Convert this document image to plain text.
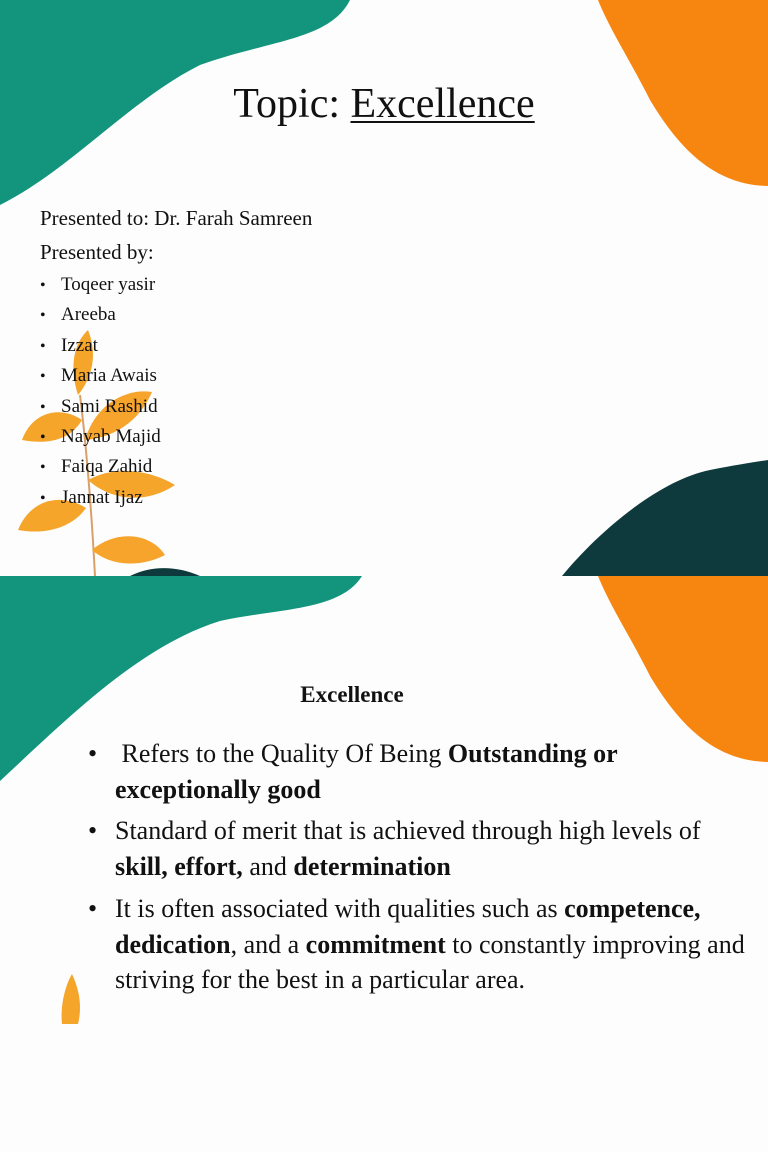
Topic: Excellence
Presented to: Dr. Farah Samreen
Presented by:
• Toqeer yasir
• Areeba
• Izzat
• Maria Awais
• Sami Rashid
• Nayab Majid
• Faiqa Zahid
• Jannat Ijaz
Excellence
• Refers to the Quality Of Being Outstanding or exceptionally good
• Standard of merit that is achieved through high levels of skill, effort, and determination
• It is often associated with qualities such as competence, dedication, and a commitment to constantly improving and striving for the best in a particular area.
